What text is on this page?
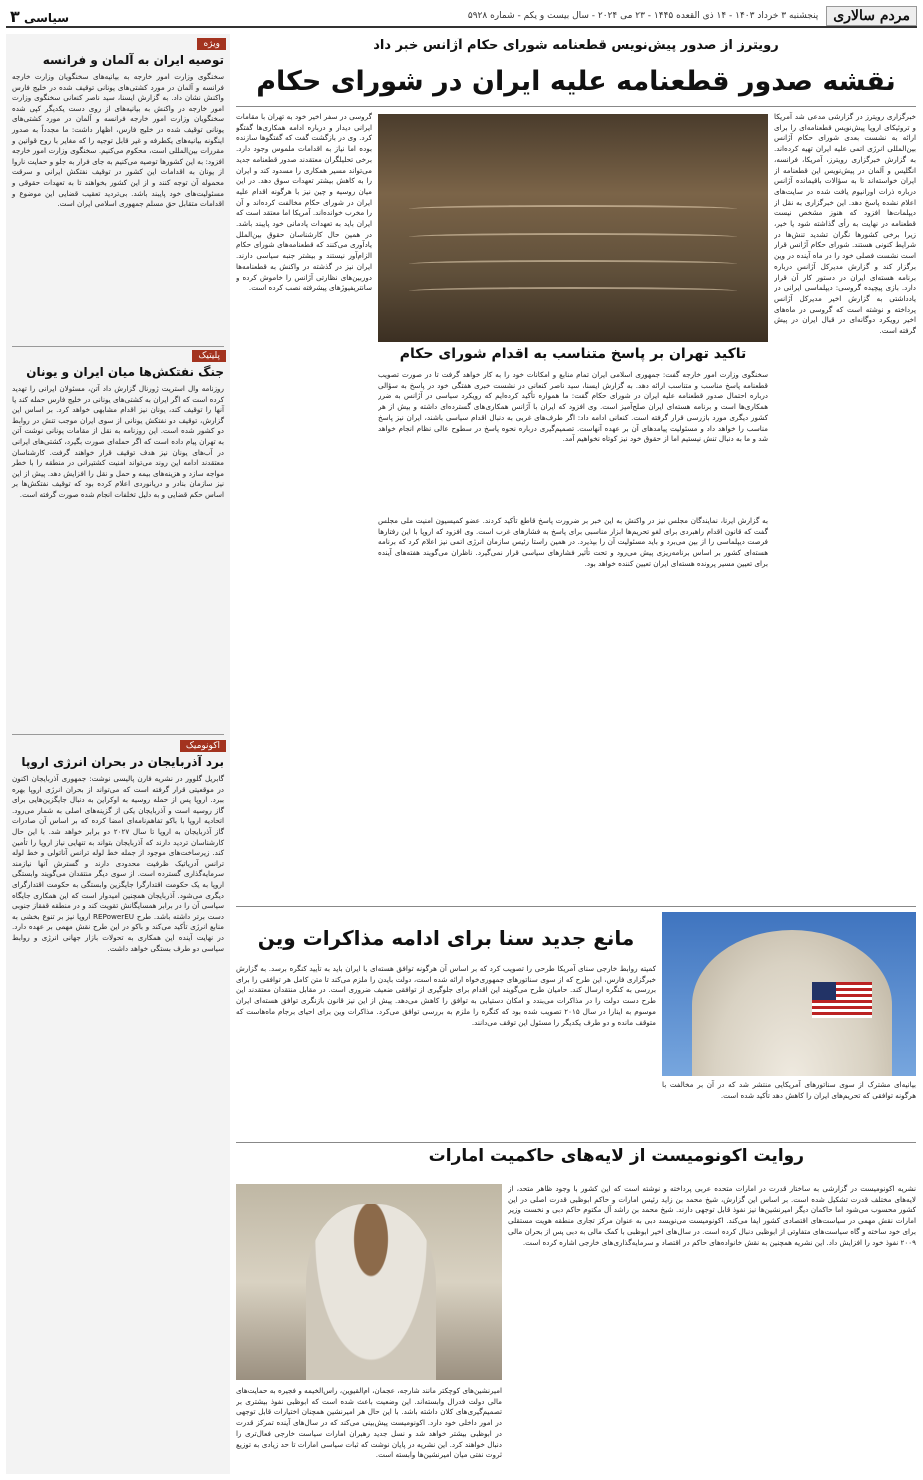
سیاسی ۳	پنجشنبه ۳ خرداد ۱۴۰۳ - ۱۴ ذی القعده ۱۴۴۵ - ۲۳ می ۲۰۲۴ - سال بیست و یکم - شماره ۵۹۲۸	مردم سالاری
ویژه
توصیه ایران به آلمان و فرانسه

سخنگوی وزارت امور خارجه به بیانیه‌های سخنگویان وزارت خارجه فرانسه و آلمان در مورد کشتی‌های یونانی توقیف شده در خلیج فارس واکنش نشان داد. به گزارش ایسنا، سید ناصر کنعانی سخنگوی وزارت امور خارجه در واکنش به بیانیه‌های از روی دست یکدیگر کپی شده سخنگویان وزارت امور خارجه فرانسه و آلمان در مورد کشتی‌های یونانی توقیف شده در خلیج فارس، اظهار داشت: ما مجدداً به صدور اینگونه بیانیه‌های یکطرفه و غیر قابل توجیه را که مغایر با روح قوانین و مقررات بین‌المللی است، محکوم می‌کنیم. سخنگوی وزارت امور خارجه افزود: به این کشورها توصیه می‌کنیم به جای فرار به جلو و حمایت ناروا از یونان به اقدامات این کشور در توقیف نفتکش ایرانی و سرقت محموله آن توجه کنند و از این کشور بخواهند تا به تعهدات حقوقی و مسئولیت‌های خود پایبند باشد. بی‌تردید تعقیب قضایی این موضوع و اقدامات متقابل حق مسلم جمهوری اسلامی ایران است.

پلیتیک
جنگ نفتکش‌ها میان ایران و یونان

روزنامه وال استریت ژورنال گزارش داد آتن، مسئولان ایرانی را تهدید کرده است که اگر ایران به کشتی‌های یونانی در خلیج فارس حمله کند یا آنها را توقیف کند، یونان نیز اقدام مشابهی خواهد کرد. بر اساس این گزارش، توقیف دو نفتکش یونانی از سوی ایران موجب تنش در روابط دو کشور شده است. این روزنامه به نقل از مقامات یونانی نوشت آتن به تهران پیام داده است که اگر حمله‌ای صورت بگیرد، کشتی‌های ایرانی در آب‌های یونان نیز هدف توقیف قرار خواهند گرفت. کارشناسان معتقدند ادامه این روند می‌تواند امنیت کشتیرانی در منطقه را با خطر مواجه سازد و هزینه‌های بیمه و حمل و نقل را افزایش دهد. پیش از این نیز سازمان بنادر و دریانوردی اعلام کرده بود که توقیف نفتکش‌ها بر اساس حکم قضایی و به دلیل تخلفات انجام شده صورت گرفته است.

اکونومیک
برد آذربایجان در بحران انرژی اروپا

گابریل گلوور در نشریه فارن پالیسی نوشت: جمهوری آذربایجان اکنون در موقعیتی قرار گرفته است که می‌تواند از بحران انرژی اروپا بهره ببرد. اروپا پس از حمله روسیه به اوکراین به دنبال جایگزین‌هایی برای گاز روسیه است و آذربایجان یکی از گزینه‌های اصلی به شمار می‌رود. اتحادیه اروپا با باکو تفاهم‌نامه‌ای امضا کرده که بر اساس آن صادرات گاز آذربایجان به اروپا تا سال ۲۰۲۷ دو برابر خواهد شد. با این حال کارشناسان تردید دارند که آذربایجان بتواند به تنهایی نیاز اروپا را تأمین کند. زیرساخت‌های موجود از جمله خط لوله ترانس آناتولی و خط لوله ترانس آدریاتیک ظرفیت محدودی دارند و گسترش آنها نیازمند سرمایه‌گذاری گسترده است. از سوی دیگر منتقدان می‌گویند وابستگی اروپا به یک حکومت اقتدارگرا جایگزین وابستگی به حکومت اقتدارگرای دیگری می‌شود. آذربایجان همچنین امیدوار است که این همکاری جایگاه سیاسی آن را در برابر همسایگانش تقویت کند و در منطقه قفقاز جنوبی دست برتر داشته باشد. طرح REPowerEU اروپا نیز بر تنوع بخشی به منابع انرژی تأکید می‌کند و باکو در این طرح نقش مهمی بر عهده دارد. در نهایت آینده این همکاری به تحولات بازار جهانی انرژی و روابط سیاسی دو طرف بستگی خواهد داشت.

رویترز از صدور پیش‌نویس قطعنامه شورای حکام آژانس خبر داد
نقشه صدور قطعنامه علیه ایران در شورای حکام

خبرگزاری رویترز در گزارشی مدعی شد آمریکا و تروئیکای اروپا پیش‌نویس قطعنامه‌ای را برای ارائه به نشست بعدی شورای حکام آژانس بین‌المللی انرژی اتمی علیه ایران تهیه کرده‌اند. به گزارش خبرگزاری رویترز، آمریکا، فرانسه، انگلیس و آلمان در پیش‌نویس این قطعنامه از ایران خواسته‌اند تا به سؤالات باقیمانده آژانس درباره ذرات اورانیوم یافت شده در سایت‌های اعلام نشده پاسخ دهد. این خبرگزاری به نقل از دیپلمات‌ها افزود که هنوز مشخص نیست قطعنامه در نهایت به رأی گذاشته شود یا خیر، زیرا برخی کشورها نگران تشدید تنش‌ها در شرایط کنونی هستند. شورای حکام آژانس قرار است نشست فصلی خود را در ماه آینده در وین برگزار کند و گزارش مدیرکل آژانس درباره برنامه هسته‌ای ایران در دستور کار آن قرار دارد. بازی پیچیده گروسی: دیپلماسی ایرانی در یادداشتی به گزارش اخیر مدیرکل آژانس پرداخته و نوشته است که گروسی در ماه‌های اخیر رویکرد دوگانه‌ای در قبال ایران در پیش گرفته است.

تاکید تهران بر پاسخ متناسب به اقدام شورای حکام

سخنگوی وزارت امور خارجه گفت: جمهوری اسلامی ایران تمام منابع و امکانات خود را به کار خواهد گرفت تا در صورت تصویب قطعنامه پاسخ مناسب و متناسب ارائه دهد. به گزارش ایسنا، سید ناصر کنعانی در نشست خبری هفتگی خود در پاسخ به سؤالی درباره احتمال صدور قطعنامه علیه ایران در شورای حکام گفت: ما همواره تأکید کرده‌ایم که رویکرد سیاسی در آژانس به ضرر همکاری‌ها است و برنامه هسته‌ای ایران صلح‌آمیز است. وی افزود که ایران با آژانس همکاری‌های گسترده‌ای داشته و بیش از هر کشور دیگری مورد بازرسی قرار گرفته است. کنعانی ادامه داد: اگر طرف‌های غربی به دنبال اقدام سیاسی باشند، ایران نیز پاسخ مناسب را خواهد داد و مسئولیت پیامدهای آن بر عهده آنهاست. تصمیم‌گیری درباره نحوه پاسخ در سطوح عالی نظام انجام خواهد شد و ما به دنبال تنش نیستیم اما از حقوق خود نیز کوتاه نخواهیم آمد.

گروسی در سفر اخیر خود به تهران با مقامات ایرانی دیدار و درباره ادامه همکاری‌ها گفتگو کرد. وی در بازگشت گفت که گفتگوها سازنده بوده اما نیاز به اقدامات ملموس وجود دارد. برخی تحلیلگران معتقدند صدور قطعنامه جدید می‌تواند مسیر همکاری را مسدود کند و ایران را به کاهش بیشتر تعهدات سوق دهد. در این میان روسیه و چین نیز با هرگونه اقدام علیه ایران در شورای حکام مخالفت کرده‌اند و آن را مخرب خوانده‌اند. آمریکا اما معتقد است که ایران باید به تعهدات پادمانی خود پایبند باشد. در همین حال کارشناسان حقوق بین‌الملل یادآوری می‌کنند که قطعنامه‌های شورای حکام الزام‌آور نیستند و بیشتر جنبه سیاسی دارند. ایران نیز در گذشته در واکنش به قطعنامه‌ها دوربین‌های نظارتی آژانس را خاموش کرده و سانتریفیوژهای پیشرفته نصب کرده است.

به گزارش ایرنا، نمایندگان مجلس نیز در واکنش به این خبر بر ضرورت پاسخ قاطع تأکید کردند. عضو کمیسیون امنیت ملی مجلس گفت که قانون اقدام راهبردی برای لغو تحریم‌ها ابزار مناسبی برای پاسخ به فشارهای غرب است. وی افزود که اروپا با این رفتارها فرصت دیپلماسی را از بین می‌برد و باید مسئولیت آن را بپذیرد. در همین راستا رئیس سازمان انرژی اتمی نیز اعلام کرد که برنامه هسته‌ای کشور بر اساس برنامه‌ریزی پیش می‌رود و تحت تأثیر فشارهای سیاسی قرار نمی‌گیرد. ناظران می‌گویند هفته‌های آینده برای تعیین مسیر پرونده هسته‌ای ایران تعیین کننده خواهد بود.

مانع جدید سنا برای ادامه مذاکرات وین

کمیته روابط خارجی سنای آمریکا طرحی را تصویب کرد که بر اساس آن هرگونه توافق هسته‌ای با ایران باید به تأیید کنگره برسد. به گزارش خبرگزاری فارس، این طرح که از سوی سناتورهای جمهوری‌خواه ارائه شده است، دولت بایدن را ملزم می‌کند تا متن کامل هر توافقی را برای بررسی به کنگره ارسال کند. حامیان طرح می‌گویند این اقدام برای جلوگیری از توافقی ضعیف ضروری است. در مقابل منتقدان معتقدند این طرح دست دولت را در مذاکرات می‌بندد و امکان دستیابی به توافق را کاهش می‌دهد. پیش از این نیز قانون بازنگری توافق هسته‌ای ایران موسوم به اینارا در سال ۲۰۱۵ تصویب شده بود که کنگره را ملزم به بررسی توافق می‌کرد. مذاکرات وین برای احیای برجام ماه‌هاست که متوقف مانده و دو طرف یکدیگر را مسئول این توقف می‌دانند.

بیانیه‌ای مشترک از سوی سناتورهای آمریکایی منتشر شد که در آن بر مخالفت با هرگونه توافقی که تحریم‌های ایران را کاهش دهد تأکید شده است.

روایت اکونومیست از لایه‌های حاکمیت امارات

نشریه اکونومیست در گزارشی به ساختار قدرت در امارات متحده عربی پرداخته و نوشته است که این کشور با وجود ظاهر متحد، از لایه‌های مختلف قدرت تشکیل شده است. بر اساس این گزارش، شیخ محمد بن زاید رئیس امارات و حاکم ابوظبی قدرت اصلی در این کشور محسوب می‌شود اما حاکمان دیگر امیرنشین‌ها نیز نفوذ قابل توجهی دارند. شیخ محمد بن راشد آل مکتوم حاکم دبی و نخست وزیر امارات نقش مهمی در سیاست‌های اقتصادی کشور ایفا می‌کند. اکونومیست می‌نویسد دبی به عنوان مرکز تجاری منطقه هویت مستقلی برای خود ساخته و گاه سیاست‌های متفاوتی از ابوظبی دنبال کرده است. در سال‌های اخیر ابوظبی با کمک مالی به دبی پس از بحران مالی ۲۰۰۹ نفوذ خود را افزایش داد. این نشریه همچنین به نقش خانواده‌های حاکم در اقتصاد و سرمایه‌گذاری‌های خارجی اشاره کرده است.

امیرنشین‌های کوچکتر مانند شارجه، عجمان، ام‌القیوین، راس‌الخیمه و فجیره به حمایت‌های مالی دولت فدرال وابسته‌اند. این وضعیت باعث شده است که ابوظبی نفوذ بیشتری بر تصمیم‌گیری‌های کلان داشته باشد. با این حال هر امیرنشین همچنان اختیارات قابل توجهی در امور داخلی خود دارد. اکونومیست پیش‌بینی می‌کند که در سال‌های آینده تمرکز قدرت در ابوظبی بیشتر خواهد شد و نسل جدید رهبران امارات سیاست خارجی فعال‌تری را دنبال خواهند کرد. این نشریه در پایان نوشت که ثبات سیاسی امارات تا حد زیادی به توزیع ثروت نفتی میان امیرنشین‌ها وابسته است.
